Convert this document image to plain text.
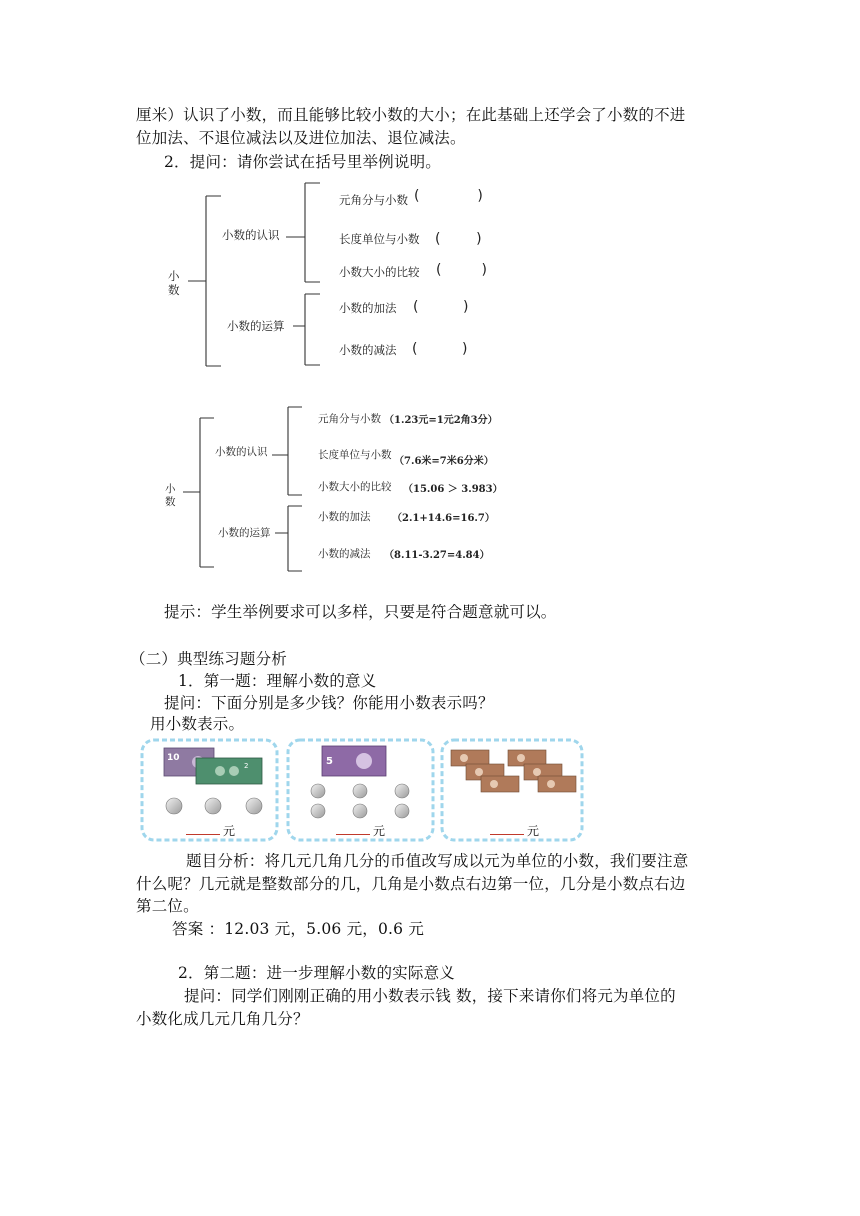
厘米）认识了小数，而且能够比较小数的大小；在此基础上还学会了小数的不进
位加法、不退位减法以及进位加法、退位减法。
2．提问：请你尝试在括号里举例说明。
小
数
小数的认识
小数的运算
元角分与小数 (             )
长度单位与小数 (        )
小数大小的比较 (         )
小数的加法 (          )
小数的减法 (          )
小
数
小数的认识
小数的运算
元角分与小数 （1.23元=1元2角3分）
长度单位与小数
（7.6米=7米6分米）
小数大小的比较 （15.06 ＞ 3.983）
小数的加法 （2.1+14.6=16.7）
小数的减法 （8.11-3.27=4.84）
提示：学生举例要求可以多样，只要是符合题意就可以。
（二）典型练习题分析
1．第一题：理解小数的意义
提问：下面分别是多少钱？你能用小数表示吗？
用小数表示。
10
2	5
元	元	元
题目分析：将几元几角几分的币值改写成以元为单位的小数，我们要注意
什么呢？几元就是整数部分的几，几角是小数点右边第一位，几分是小数点右边
第二位。
答案 ：12.03 元，5.06 元，0.6 元
2．第二题：进一步理解小数的实际意义
提问：同学们刚刚正确的用小数表示钱 数，接下来请你们将元为单位的
小数化成几元几角几分？
